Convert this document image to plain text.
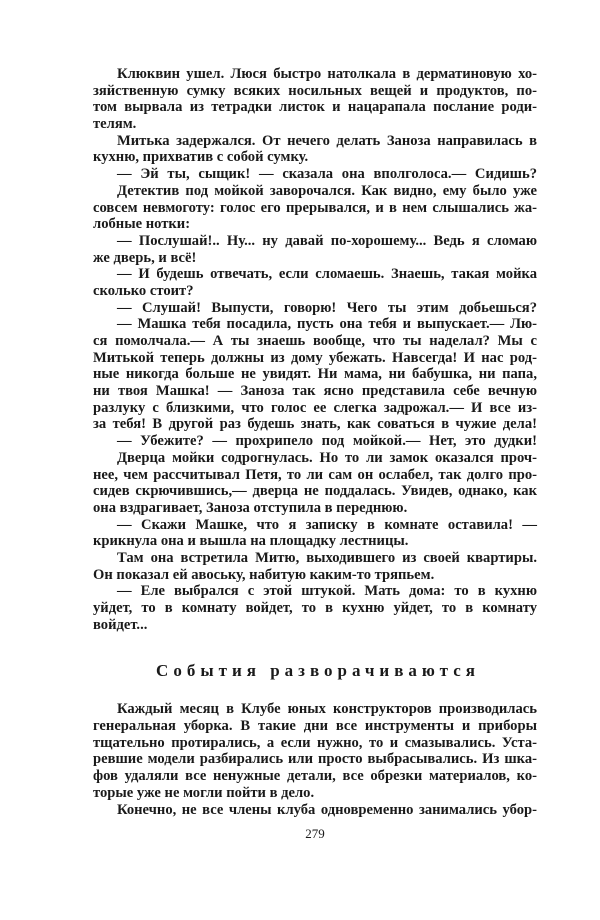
Клюквин ушел. Люся быстро натолкала в дерматиновую хо-
зяйственную сумку всяких носильных вещей и продуктов, по-
том вырвала из тетрадки листок и нацарапала послание роди-
телям.
Митька задержался. От нечего делать Заноза направилась в
кухню, прихватив с собой сумку.
— Эй ты, сыщик! — сказала она вполголоса.— Сидишь?
Детектив под мойкой заворочался. Как видно, ему было уже
совсем невмоготу: голос его прерывался, и в нем слышались жа-
лобные нотки:
— Послушай!.. Ну... ну давай по-хорошему... Ведь я сломаю
же дверь, и всё!
— И будешь отвечать, если сломаешь. Знаешь, такая мойка
сколько стоит?
— Слушай! Выпусти, говорю! Чего ты этим добьешься?
— Машка тебя посадила, пусть она тебя и выпускает.— Лю-
ся помолчала.— А ты знаешь вообще, что ты наделал? Мы с
Митькой теперь должны из дому убежать. Навсегда! И нас род-
ные никогда больше не увидят. Ни мама, ни бабушка, ни папа,
ни твоя Машка! — Заноза так ясно представила себе вечную
разлуку с близкими, что голос ее слегка задрожал.— И все из-
за тебя! В другой раз будешь знать, как соваться в чужие дела!
— Убежите? — прохрипело под мойкой.— Нет, это дудки!
Дверца мойки содрогнулась. Но то ли замок оказался проч-
нее, чем рассчитывал Петя, то ли сам он ослабел, так долго про-
сидев скрючившись,— дверца не поддалась. Увидев, однако, как
она вздрагивает, Заноза отступила в переднюю.
— Скажи Машке, что я записку в комнате оставила! —
крикнула она и вышла на площадку лестницы.
Там она встретила Митю, выходившего из своей квартиры.
Он показал ей авоську, набитую каким-то тряпьем.
— Еле выбрался с этой штукой. Мать дома: то в кухню
уйдет, то в комнату войдет, то в кухню уйдет, то в комнату
войдет...
События разворачиваются
Каждый месяц в Клубе юных конструкторов производилась
генеральная уборка. В такие дни все инструменты и приборы
тщательно протирались, а если нужно, то и смазывались. Уста-
ревшие модели разбирались или просто выбрасывались. Из шка-
фов удаляли все ненужные детали, все обрезки материалов, ко-
торые уже не могли пойти в дело.
Конечно, не все члены клуба одновременно занимались убор-
279
